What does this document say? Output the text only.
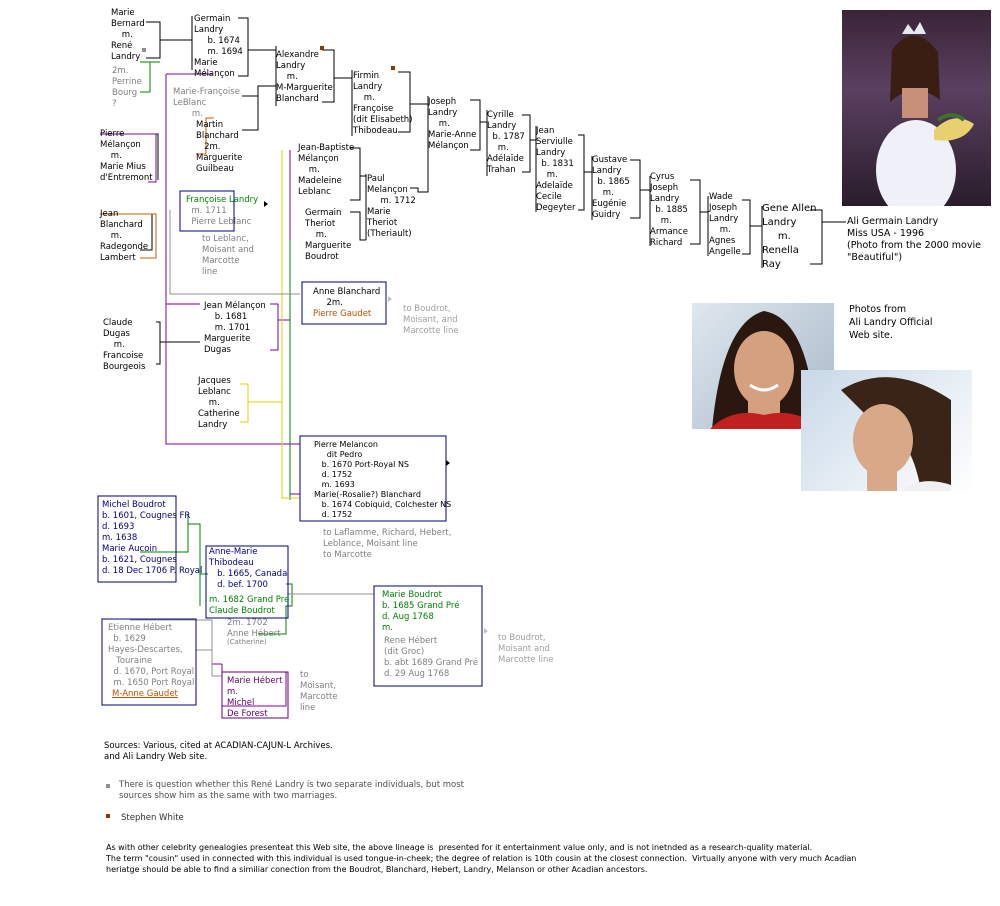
Marie
Bernard
m.
René
Landry
2m.
Perrine
Bourg
?
Germain
Landry
b. 1674
m. 1694
Marie
Mélançon
Alexandre
Landry
m.
M-Marguerite
Blanchard
Firmin
Landry
m.
Françoise
(dit Elisabeth)
Thibodeau
Joseph
Landry
m.
Marie-Anne
Mélançon
Cyrille
Landry
b. 1787
m.
Adélaïde
Trahan
Jean
Serviulle
Landry
b. 1831
m.
Adelaïde
Cecile
Degeyter
Gustave
Landry
b. 1865
m.
Eugénie
Guidry
Cyrus
Joseph
Landry
b. 1885
m.
Armance
Richard
Wade
Joseph
Landry
m.
Agnes
Angelle
Gene Allen
Landry
m.
Renella
Ray
Ali Germain Landry
Miss USA - 1996
(Photo from the 2000 movie
"Beautiful")
Pierre
Mélançon
m.
Marie Mius
d'Entremont
Marie-Françoise
LeBlanc
m.
Martin
Blanchard
2m.
Marguerite
Guilbeau
Jean-Baptiste
Mélançon
m.
Madeleine
Leblanc
Paul
Melançon
m. 1712
Marie
Theriot
(Theriault)
Germain
Theriot
m.
Marguerite
Boudrot
Jean
Blanchard
m.
Radegonde
Lambert
Françoise Landry
m. 1711
Pierre Leblanc
to Leblanc,
Moisant and
Marcotte
line
Anne Blanchard
2m.
Pierre Gaudet	to Boudrot,
Moisant, and
Marcotte line
Claude
Dugas
m.
Francoise
Bourgeois
Jean Mélançon
b. 1681
m. 1701
Marguerite
Dugas
Jacques
Leblanc
m.
Catherine
Landry
Pierre Melancon
dit Pedro
b. 1670 Port-Royal NS
d. 1752
m. 1693
Marie(-Rosalie?) Blanchard
b. 1674 Cobiquid, Colchester NS
d. 1752
to Laflamme, Richard, Hebert,
Leblance, Moisant line
to Marcotte
Michel Boudrot
b. 1601, Cougnes FR
d. 1693
m. 1638
Marie Aucoin
b. 1621, Cougnes
d. 18 Dec 1706 P. Royal
Anne-Marie
Thibodeau
b. 1665, Canada
d. bef. 1700
m. 1682 Grand Pre
Claude Boudrot
2m. 1702
Anne Hébert
(Catherine)
Marie Boudrot
b. 1685 Grand Pré
d. Aug 1768
m.
Rene Hébert
(dit Groc)
b. abt 1689 Grand Pré
d. 29 Aug 1768
to Boudrot,
Moisant and
Marcotte line
Etienne Hébert
b. 1629
Hayes-Descartes,
Touraine
d. 1670, Port Royal
m. 1650 Port Royal
M-Anne Gaudet
Marie Hébert
m.
Michel
De Forest
to
Moisant,
Marcotte
line
Photos from
Ali Landry Official
Web site.
Sources: Various, cited at ACADIAN-CAJUN-L Archives.
and Ali Landry Web site.
There is question whether this René Landry is two separate individuals, but most
sources show him as the same with two marriages.
Stephen White
As with other celebrity genealogies presenteat this Web site, the above lineage is  presented for it entertainment value only, and is not inetnded as a research-quality material.
The term "cousin" used in connected with this individual is used tongue-in-cheek; the degree of relation is 10th cousin at the closest connection.  Virtually anyone with very much Acadian
heriatge should be able to find a similiar conection from the Boudrot, Blanchard, Hebert, Landry, Melanson or other Acadian ancestors.
